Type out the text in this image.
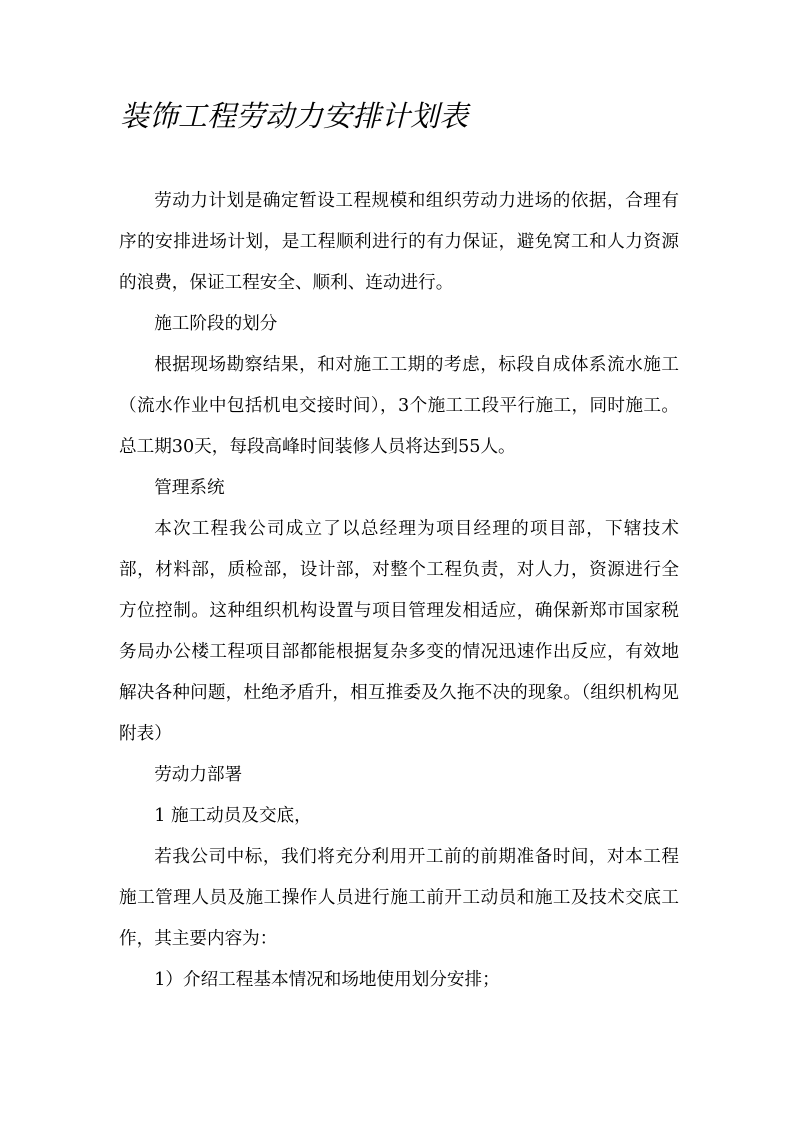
装饰工程劳动力安排计划表

劳动力计划是确定暂设工程规模和组织劳动力进场的依据，合理有序的安排进场计划，是工程顺利进行的有力保证，避免窝工和人力资源的浪费，保证工程安全、顺利、连动进行。

施工阶段的划分

根据现场勘察结果，和对施工工期的考虑，标段自成体系流水施工（流水作业中包括机电交接时间），3个施工工段平行施工，同时施工。总工期30天，每段高峰时间装修人员将达到55人。

管理系统

本次工程我公司成立了以总经理为项目经理的项目部，下辖技术部，材料部，质检部，设计部，对整个工程负责，对人力，资源进行全方位控制。这种组织机构设置与项目管理发相适应，确保新郑市国家税务局办公楼工程项目部都能根据复杂多变的情况迅速作出反应，有效地解决各种问题，杜绝矛盾升，相互推委及久拖不决的现象。（组织机构见附表）

劳动力部署

1 施工动员及交底，

若我公司中标，我们将充分利用开工前的前期准备时间，对本工程施工管理人员及施工操作人员进行施工前开工动员和施工及技术交底工作，其主要内容为：

1）介绍工程基本情况和场地使用划分安排；
